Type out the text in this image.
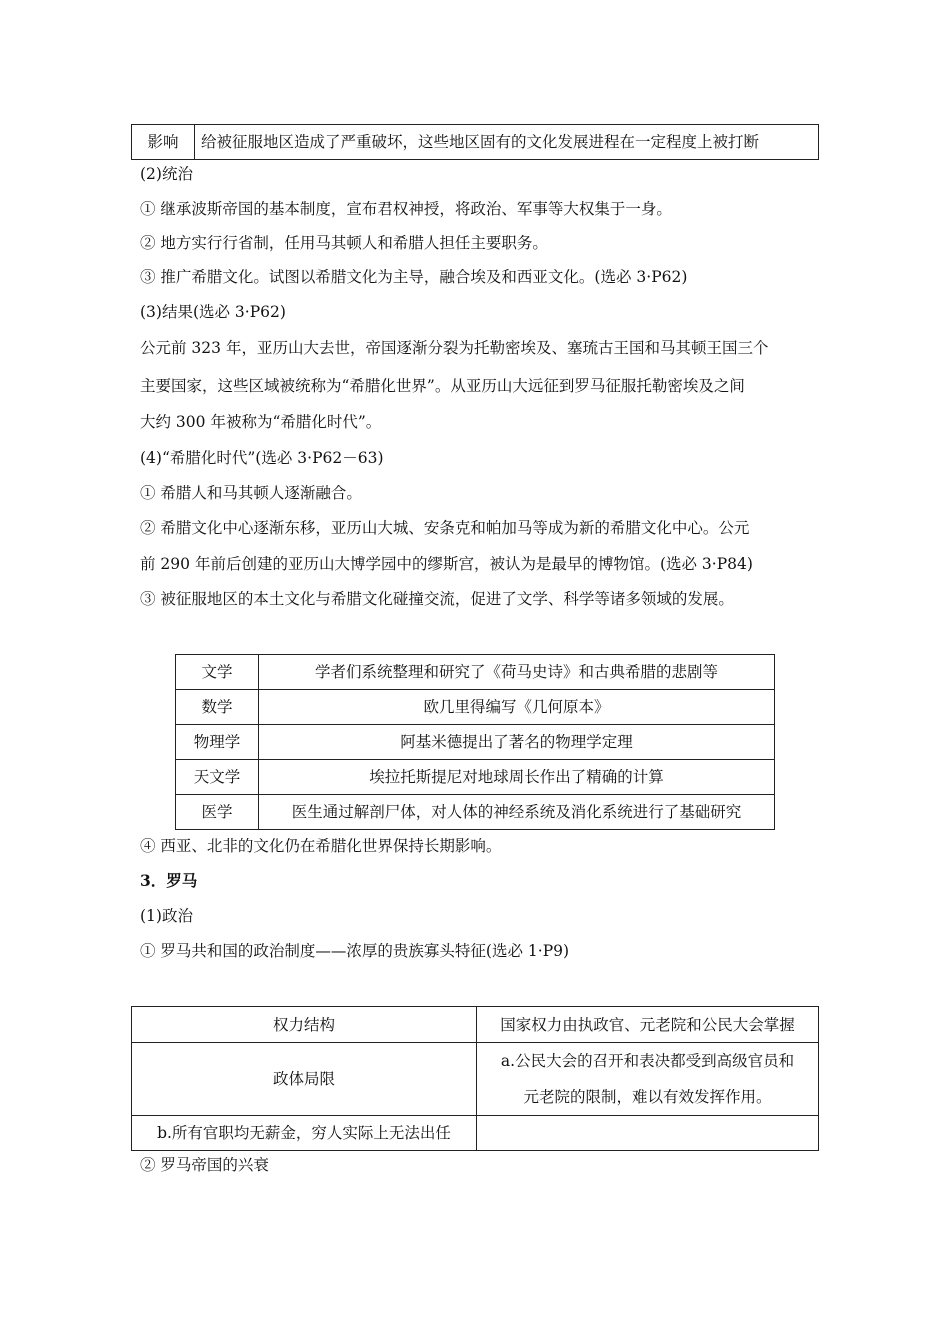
影响	给被征服地区造成了严重破坏，这些地区固有的文化发展进程在一定程度上被打断
(2)统治
① 继承波斯帝国的基本制度，宣布君权神授，将政治、军事等大权集于一身。
② 地方实行行省制，任用马其顿人和希腊人担任主要职务。
③ 推广希腊文化。试图以希腊文化为主导，融合埃及和西亚文化。(选必 3·P62)
(3)结果(选必 3·P62)
公元前 323 年，亚历山大去世，帝国逐渐分裂为托勒密埃及、塞琉古王国和马其顿王国三个
主要国家，这些区域被统称为“希腊化世界”。从亚历山大远征到罗马征服托勒密埃及之间
大约 300 年被称为“希腊化时代”。
(4)“希腊化时代”(选必 3·P62－63)
① 希腊人和马其顿人逐渐融合。
② 希腊文化中心逐渐东移，亚历山大城、安条克和帕加马等成为新的希腊文化中心。公元
前 290 年前后创建的亚历山大博学园中的缪斯宫，被认为是最早的博物馆。(选必 3·P84)
③ 被征服地区的本土文化与希腊文化碰撞交流，促进了文学、科学等诸多领域的发展。
文学	学者们系统整理和研究了《荷马史诗》和古典希腊的悲剧等
数学	欧几里得编写《几何原本》
物理学	阿基米德提出了著名的物理学定理
天文学	埃拉托斯提尼对地球周长作出了精确的计算
医学	医生通过解剖尸体，对人体的神经系统及消化系统进行了基础研究
④ 西亚、北非的文化仍在希腊化世界保持长期影响。
3．罗马
(1)政治
① 罗马共和国的政治制度——浓厚的贵族寡头特征(选必 1·P9)
权力结构	国家权力由执政官、元老院和公民大会掌握
政体局限	a.公民大会的召开和表决都受到高级官员和
元老院的限制，难以有效发挥作用。

b.所有官职均无薪金，穷人实际上无法出任	
② 罗马帝国的兴衰
